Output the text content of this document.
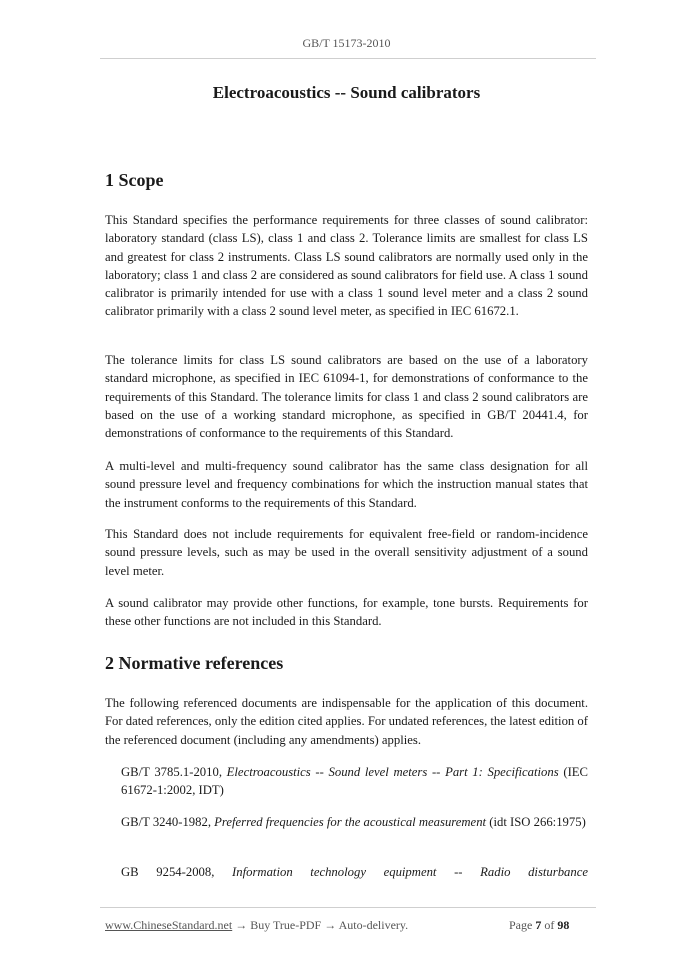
GB/T 15173-2010
Electroacoustics -- Sound calibrators
1 Scope

This Standard specifies the performance requirements for three classes of sound calibrator: laboratory standard (class LS), class 1 and class 2. Tolerance limits are smallest for class LS and greatest for class 2 instruments. Class LS sound calibrators are normally used only in the laboratory; class 1 and class 2 are considered as sound calibrators for field use. A class 1 sound calibrator is primarily intended for use with a class 1 sound level meter and a class 2 sound calibrator primarily with a class 2 sound level meter, as specified in IEC 61672.1.

The tolerance limits for class LS sound calibrators are based on the use of a laboratory standard microphone, as specified in IEC 61094-1, for demonstrations of conformance to the requirements of this Standard. The tolerance limits for class 1 and class 2 sound calibrators are based on the use of a working standard microphone, as specified in GB/T 20441.4, for demonstrations of conformance to the requirements of this Standard.

A multi-level and multi-frequency sound calibrator has the same class designation for all sound pressure level and frequency combinations for which the instruction manual states that the instrument conforms to the requirements of this Standard.

This Standard does not include requirements for equivalent free-field or random-incidence sound pressure levels, such as may be used in the overall sensitivity adjustment of a sound level meter.

A sound calibrator may provide other functions, for example, tone bursts. Requirements for these other functions are not included in this Standard.

2 Normative references

The following referenced documents are indispensable for the application of this document. For dated references, only the edition cited applies. For undated references, the latest edition of the referenced document (including any amendments) applies.

GB/T 3785.1-2010, Electroacoustics -- Sound level meters -- Part 1: Specifications (IEC 61672-1:2002, IDT)

GB/T 3240-1982, Preferred frequencies for the acoustical measurement (idt ISO 266:1975)

GB 9254-2008, Information technology equipment -- Radio disturbance

www.ChineseStandard.net → Buy True-PDF → Auto-delivery.	Page 7 of 98
